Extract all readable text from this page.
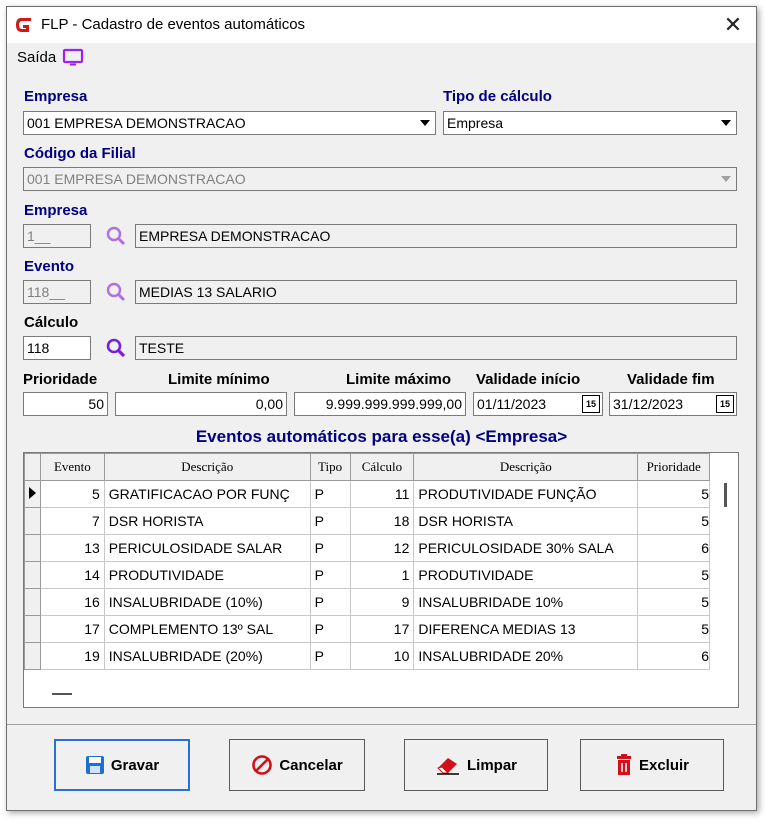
FLP - Cadastro de eventos automáticos	✕
Saída
Empresa
001 EMPRESA DEMONSTRACAO
Tipo de cálculo
Empresa
Código da Filial
001 EMPRESA DEMONSTRACAO
Empresa
1__	EMPRESA DEMONSTRACAO
Evento
118__	MEDIAS 13 SALARIO
Cálculo
118	TESTE
Prioridade
50
Limite mínimo
0,00
Limite máximo
9.999.999.999.999,00
Validade início
01/11/2023	15
Validade fim
31/12/2023	15
Eventos automáticos para esse(a) <Empresa>
	Evento	Descrição	Tipo	Cálculo	Descrição	Prioridade	
	5	GRATIFICACAO POR FUNÇ	P	11	PRODUTIVIDADE FUNÇÃO	5	
	7	DSR HORISTA	P	18	DSR HORISTA	5	
	13	PERICULOSIDADE SALAR	P	12	PERICULOSIDADE 30% SALA	6	
	14	PRODUTIVIDADE	P	1	PRODUTIVIDADE	5	
	16	INSALUBRIDADE (10%)	P	9	INSALUBRIDADE 10%	5	
	17	COMPLEMENTO 13º SAL	P	17	DIFERENCA MEDIAS 13	5	
	19	INSALUBRIDADE (20%)	P	10	INSALUBRIDADE 20%	6	
Gravar	Cancelar	Limpar	Excluir
